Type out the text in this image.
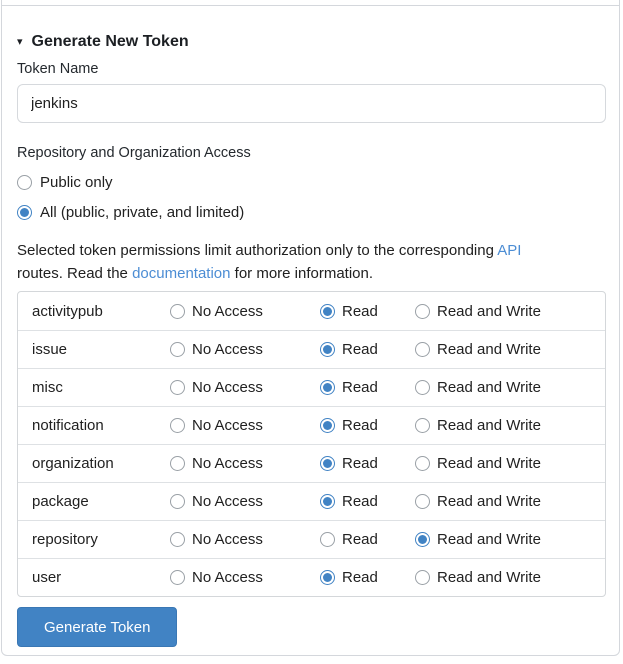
▾ Generate New Token
Token Name
jenkins
Repository and Organization Access
Public only
All (public, private, and limited)

Selected token permissions limit authorization only to the corresponding API
routes. Read the documentation for more information.

activitypub	No Access	Read	Read and Write
issue	No Access	Read	Read and Write
misc	No Access	Read	Read and Write
notification	No Access	Read	Read and Write
organization	No Access	Read	Read and Write
package	No Access	Read	Read and Write
repository	No Access	Read	Read and Write
user	No Access	Read	Read and Write
Generate Token
